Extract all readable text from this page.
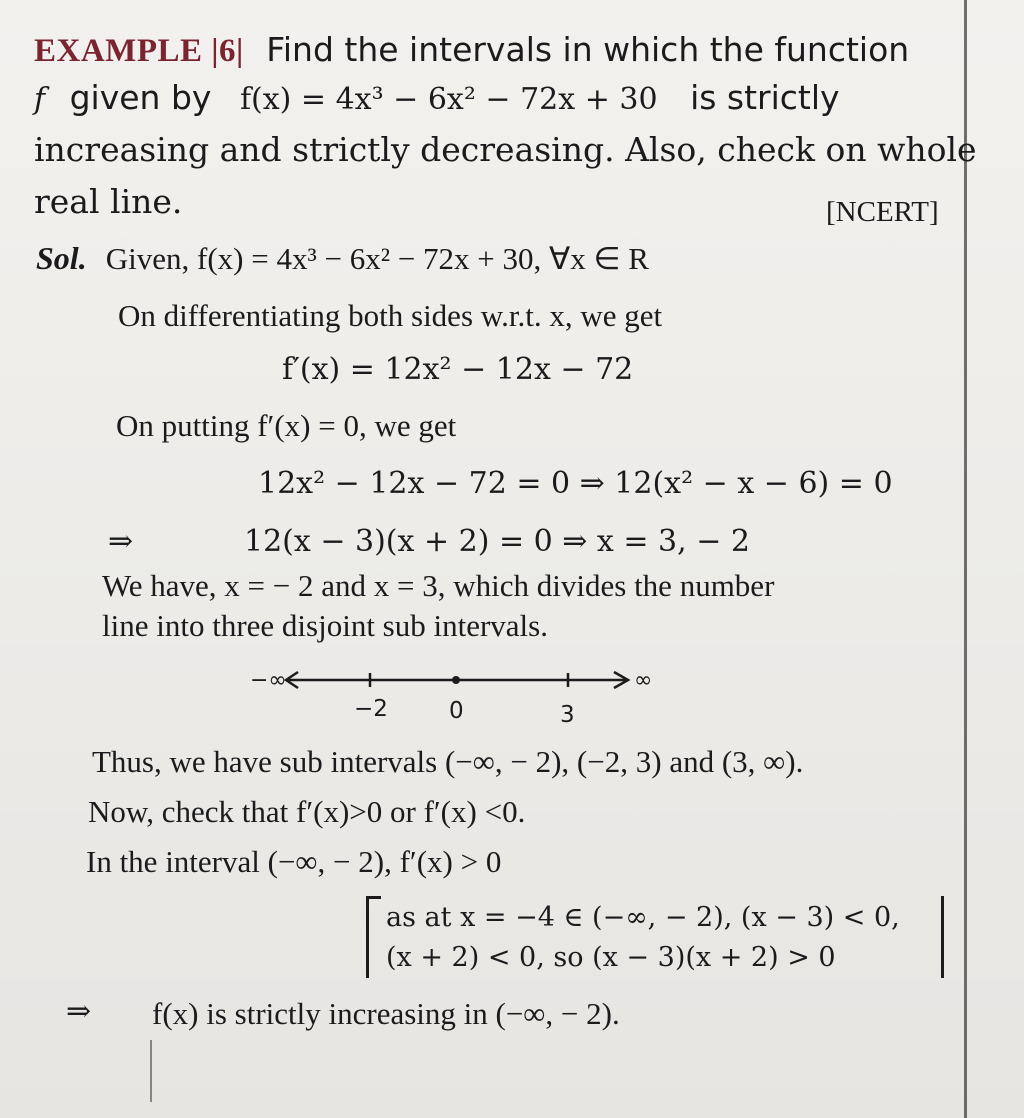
EXAMPLE |6| Find the intervals in which the function
f given by f(x) = 4x³ − 6x² − 72x + 30 is strictly
increasing and strictly decreasing. Also, check on whole
real line.	[NCERT]
Sol. Given, f(x) = 4x³ − 6x² − 72x + 30, ∀x ∈ R
On differentiating both sides w.r.t. x, we get
f′(x) = 12x² − 12x − 72
On putting f′(x) = 0, we get
12x² − 12x − 72 = 0 ⇒ 12(x² − x − 6) = 0
⇒	12(x − 3)(x + 2) = 0 ⇒ x = 3, − 2
We have, x = − 2 and x = 3, which divides the number
line into three disjoint sub intervals.
−∞	∞
−2	0	3
Thus, we have sub intervals (−∞, − 2), (−2, 3) and (3, ∞).
Now, check that f′(x)>0 or f′(x) <0.
In the interval (−∞, − 2), f′(x) > 0
as at x = −4 ∈ (−∞, − 2), (x − 3) < 0,
(x + 2) < 0, so (x − 3)(x + 2) > 0
⇒ f(x) is strictly increasing in (−∞, − 2).
